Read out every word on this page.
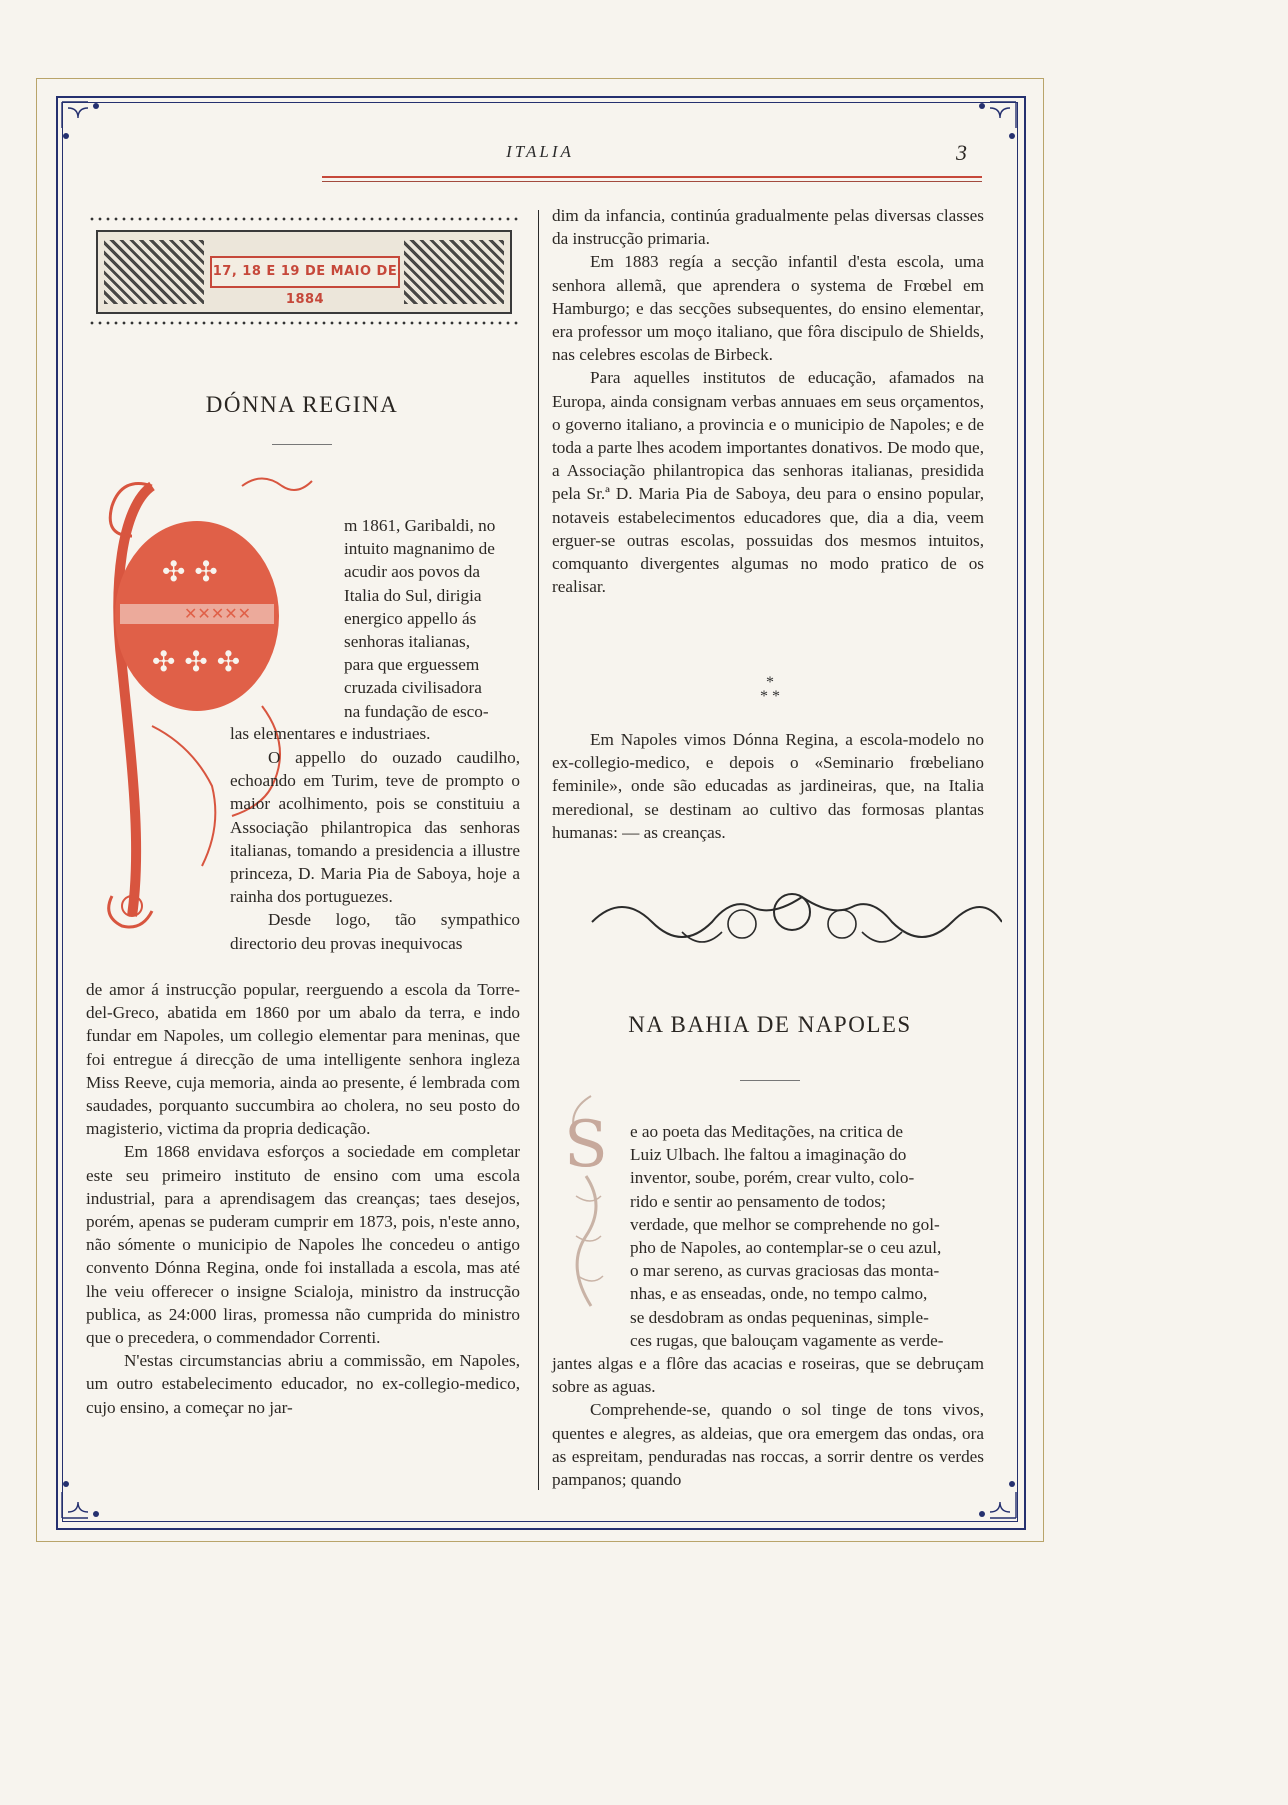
ITALIA	3
17, 18 E 19 DE MAIO DE 1884
DÓNNA REGINA
✣ ✣
✣ ✣ ✣
✕✕✕✕✕
m 1861, Garibaldi, no
intuito magnanimo de
acudir aos povos da
Italia do Sul, dirigia
energico appello ás
senhoras italianas,
para que erguessem
cruzada civilisadora
na fundação de esco-

las elementares e industriaes.

O appello do ouzado caudilho, echoando em Turim, teve de prompto o maior acolhimento, pois se constituiu a Associação philantropica das senhoras italianas, tomando a presidencia a illustre princeza, D. Maria Pia de Saboya, hoje a rainha dos portuguezes.

Desde logo, tão sympathico directorio deu provas inequivocas

de amor á instrucção popular, reerguendo a escola da Torre-del-Greco, abatida em 1860 por um abalo da terra, e indo fundar em Napoles, um collegio elementar para meninas, que foi entregue á direcção de uma intelligente senhora ingleza Miss Reeve, cuja memoria, ainda ao presente, é lembrada com saudades, porquanto succumbira ao cholera, no seu posto do magisterio, victima da propria dedicação.

Em 1868 envidava esforços a sociedade em completar este seu primeiro instituto de ensino com uma escola industrial, para a aprendisagem das creanças; taes desejos, porém, apenas se puderam cumprir em 1873, pois, n'este anno, não sómente o municipio de Napoles lhe concedeu o antigo convento Dónna Regina, onde foi installada a escola, mas até lhe veiu offerecer o insigne Scialoja, ministro da instrucção publica, as 24:000 liras, promessa não cumprida do ministro que o precedera, o commendador Correnti.

N'estas circumstancias abriu a commissão, em Napoles, um outro estabelecimento educador, no ex-collegio-medico, cujo ensino, a começar no jar-

dim da infancia, continúa gradualmente pelas diversas classes da instrucção primaria.

Em 1883 regía a secção infantil d'esta escola, uma senhora allemã, que aprendera o systema de Frœbel em Hamburgo; e das secções subsequentes, do ensino elementar, era professor um moço italiano, que fôra discipulo de Shields, nas celebres escolas de Birbeck.

Para aquelles institutos de educação, afamados na Europa, ainda consignam verbas annuaes em seus orçamentos, o governo italiano, a provincia e o municipio de Napoles; e de toda a parte lhes acodem importantes donativos. De modo que, a Associação philantropica das senhoras italianas, presidida pela Sr.ª D. Maria Pia de Saboya, deu para o ensino popular, notaveis estabelecimentos educadores que, dia a dia, veem erguer-se outras escolas, possuidas dos mesmos intuitos, comquanto divergentes algumas no modo pratico de os realisar.

*
* *

Em Napoles vimos Dónna Regina, a escola-modelo no ex-collegio-medico, e depois o «Seminario frœbeliano feminile», onde são educadas as jardineiras, que, na Italia meredional, se destinam ao cultivo das formosas plantas humanas: — as creanças.

NA BAHIA DE NAPOLES
S e ao poeta das Meditações, na critica de
Luiz Ulbach. lhe faltou a imaginação do
inventor, soube, porém, crear vulto, colo-
rido e sentir ao pensamento de todos;
verdade, que melhor se comprehende no gol-
pho de Napoles, ao contemplar-se o ceu azul,
o mar sereno, as curvas graciosas das monta-
nhas, e as enseadas, onde, no tempo calmo,
se desdobram as ondas pequeninas, simple-
ces rugas, que balouçam vagamente as verde-

jantes algas e a flôre das acacias e roseiras, que se debruçam sobre as aguas.

Comprehende-se, quando o sol tinge de tons vivos, quentes e alegres, as aldeias, que ora emergem das ondas, ora as espreitam, penduradas nas roccas, a sorrir dentre os verdes pampanos; quando
